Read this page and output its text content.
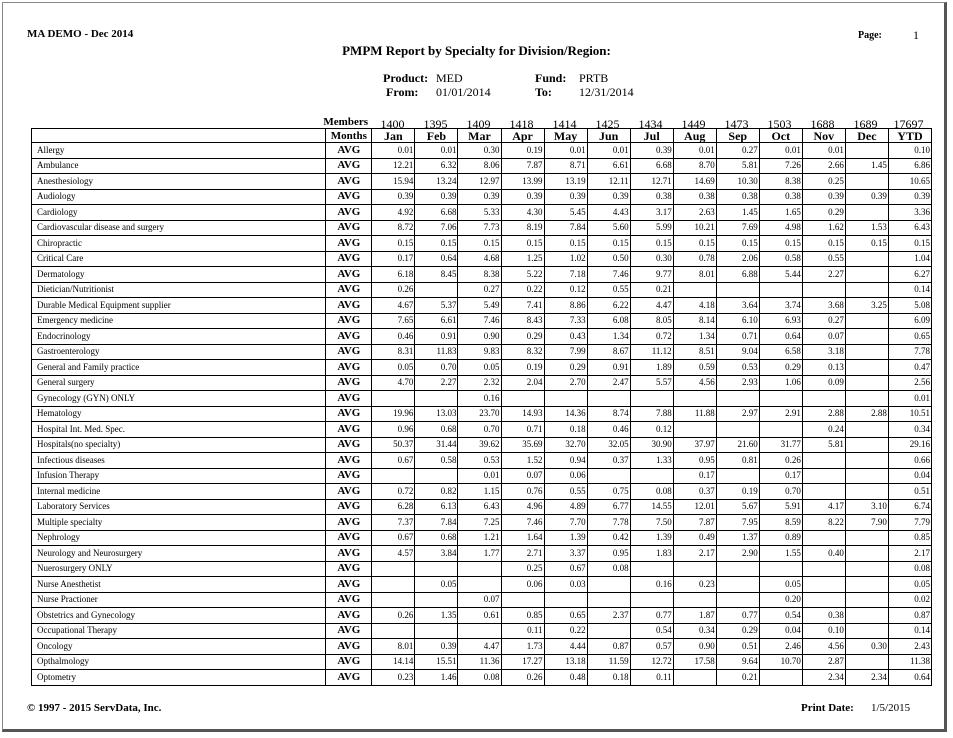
MA DEMO - Dec 2014
PMPM Report by Specialty for Division/Region:
Page:	1
Product: MED
From: 01/01/2014
Fund: PRTB
To: 12/31/2014
Members	1400	1395	1409	1418	1414	1425	1434	1449	1473	1503	1688	1689	17697
	Months	Jan	Feb	Mar	Apr	May	Jun	Jul	Aug	Sep	Oct	Nov	Dec	YTD
Allergy	AVG	0.01	0.01	0.30	0.19	0.01	0.01	0.39	0.01	0.27	0.01	0.01		0.10
Ambulance	AVG	12.21	6.32	8.06	7.87	8.71	6.61	6.68	8.70	5.81	7.26	2.66	1.45	6.86
Anesthesiology	AVG	15.94	13.24	12.97	13.99	13.19	12.11	12.71	14.69	10.30	8.38	0.25		10.65
Audiology	AVG	0.39	0.39	0.39	0.39	0.39	0.39	0.38	0.38	0.38	0.38	0.39	0.39	0.39
Cardiology	AVG	4.92	6.68	5.33	4.30	5.45	4.43	3.17	2.63	1.45	1.65	0.29		3.36
Cardiovascular disease and surgery	AVG	8.72	7.06	7.73	8.19	7.84	5.60	5.99	10.21	7.69	4.98	1.62	1.53	6.43
Chiropractic	AVG	0.15	0.15	0.15	0.15	0.15	0.15	0.15	0.15	0.15	0.15	0.15	0.15	0.15
Critical Care	AVG	0.17	0.64	4.68	1.25	1.02	0.50	0.30	0.78	2.06	0.58	0.55		1.04
Dermatology	AVG	6.18	8.45	8.38	5.22	7.18	7.46	9.77	8.01	6.88	5.44	2.27		6.27
Dietician/Nutritionist	AVG	0.26		0.27	0.22	0.12	0.55	0.21						0.14
Durable Medical Equipment supplier	AVG	4.67	5.37	5.49	7.41	8.86	6.22	4.47	4.18	3.64	3.74	3.68	3.25	5.08
Emergency medicine	AVG	7.65	6.61	7.46	8.43	7.33	6.08	8.05	8.14	6.10	6.93	0.27		6.09
Endocrinology	AVG	0.46	0.91	0.90	0.29	0.43	1.34	0.72	1.34	0.71	0.64	0.07		0.65
Gastroenterology	AVG	8.31	11.83	9.83	8.32	7.99	8.67	11.12	8.51	9.04	6.58	3.18		7.78
General and Family practice	AVG	0.05	0.70	0.05	0.19	0.29	0.91	1.89	0.59	0.53	0.29	0.13		0.47
General surgery	AVG	4.70	2.27	2.32	2.04	2.70	2.47	5.57	4.56	2.93	1.06	0.09		2.56
Gynecology (GYN) ONLY	AVG			0.16										0.01
Hematology	AVG	19.96	13.03	23.70	14.93	14.36	8.74	7.88	11.88	2.97	2.91	2.88	2.88	10.51
Hospital Int. Med. Spec.	AVG	0.96	0.68	0.70	0.71	0.18	0.46	0.12				0.24		0.34
Hospitals(no specialty)	AVG	50.37	31.44	39.62	35.69	32.70	32.05	30.90	37.97	21.60	31.77	5.81		29.16
Infectious diseases	AVG	0.67	0.58	0.53	1.52	0.94	0.37	1.33	0.95	0.81	0.26			0.66
Infusion Therapy	AVG			0.01	0.07	0.06			0.17		0.17			0.04
Internal medicine	AVG	0.72	0.82	1.15	0.76	0.55	0.75	0.08	0.37	0.19	0.70			0.51
Laboratory Services	AVG	6.28	6.13	6.43	4.96	4.89	6.77	14.55	12.01	5.67	5.91	4.17	3.10	6.74
Multiple specialty	AVG	7.37	7.84	7.25	7.46	7.70	7.78	7.50	7.87	7.95	8.59	8.22	7.90	7.79
Nephrology	AVG	0.67	0.68	1.21	1.64	1.39	0.42	1.39	0.49	1.37	0.89			0.85
Neurology and Neurosurgery	AVG	4.57	3.84	1.77	2.71	3.37	0.95	1.83	2.17	2.90	1.55	0.40		2.17
Nuerosurgery ONLY	AVG				0.25	0.67	0.08							0.08
Nurse Anesthetist	AVG		0.05		0.06	0.03		0.16	0.23		0.05			0.05
Nurse Practioner	AVG			0.07							0.20			0.02
Obstetrics and Gynecology	AVG	0.26	1.35	0.61	0.85	0.65	2.37	0.77	1.87	0.77	0.54	0.38		0.87
Occupational Therapy	AVG				0.11	0.22		0.54	0.34	0.29	0.04	0.10		0.14
Oncology	AVG	8.01	0.39	4.47	1.73	4.44	0.87	0.57	0.90	0.51	2.46	4.56	0.30	2.43
Opthalmology	AVG	14.14	15.51	11.36	17.27	13.18	11.59	12.72	17.58	9.64	10.70	2.87		11.38
Optometry	AVG	0.23	1.46	0.08	0.26	0.48	0.18	0.11		0.21		2.34	2.34	0.64
© 1997 - 2015 ServData, Inc.	Print Date: 1/5/2015
